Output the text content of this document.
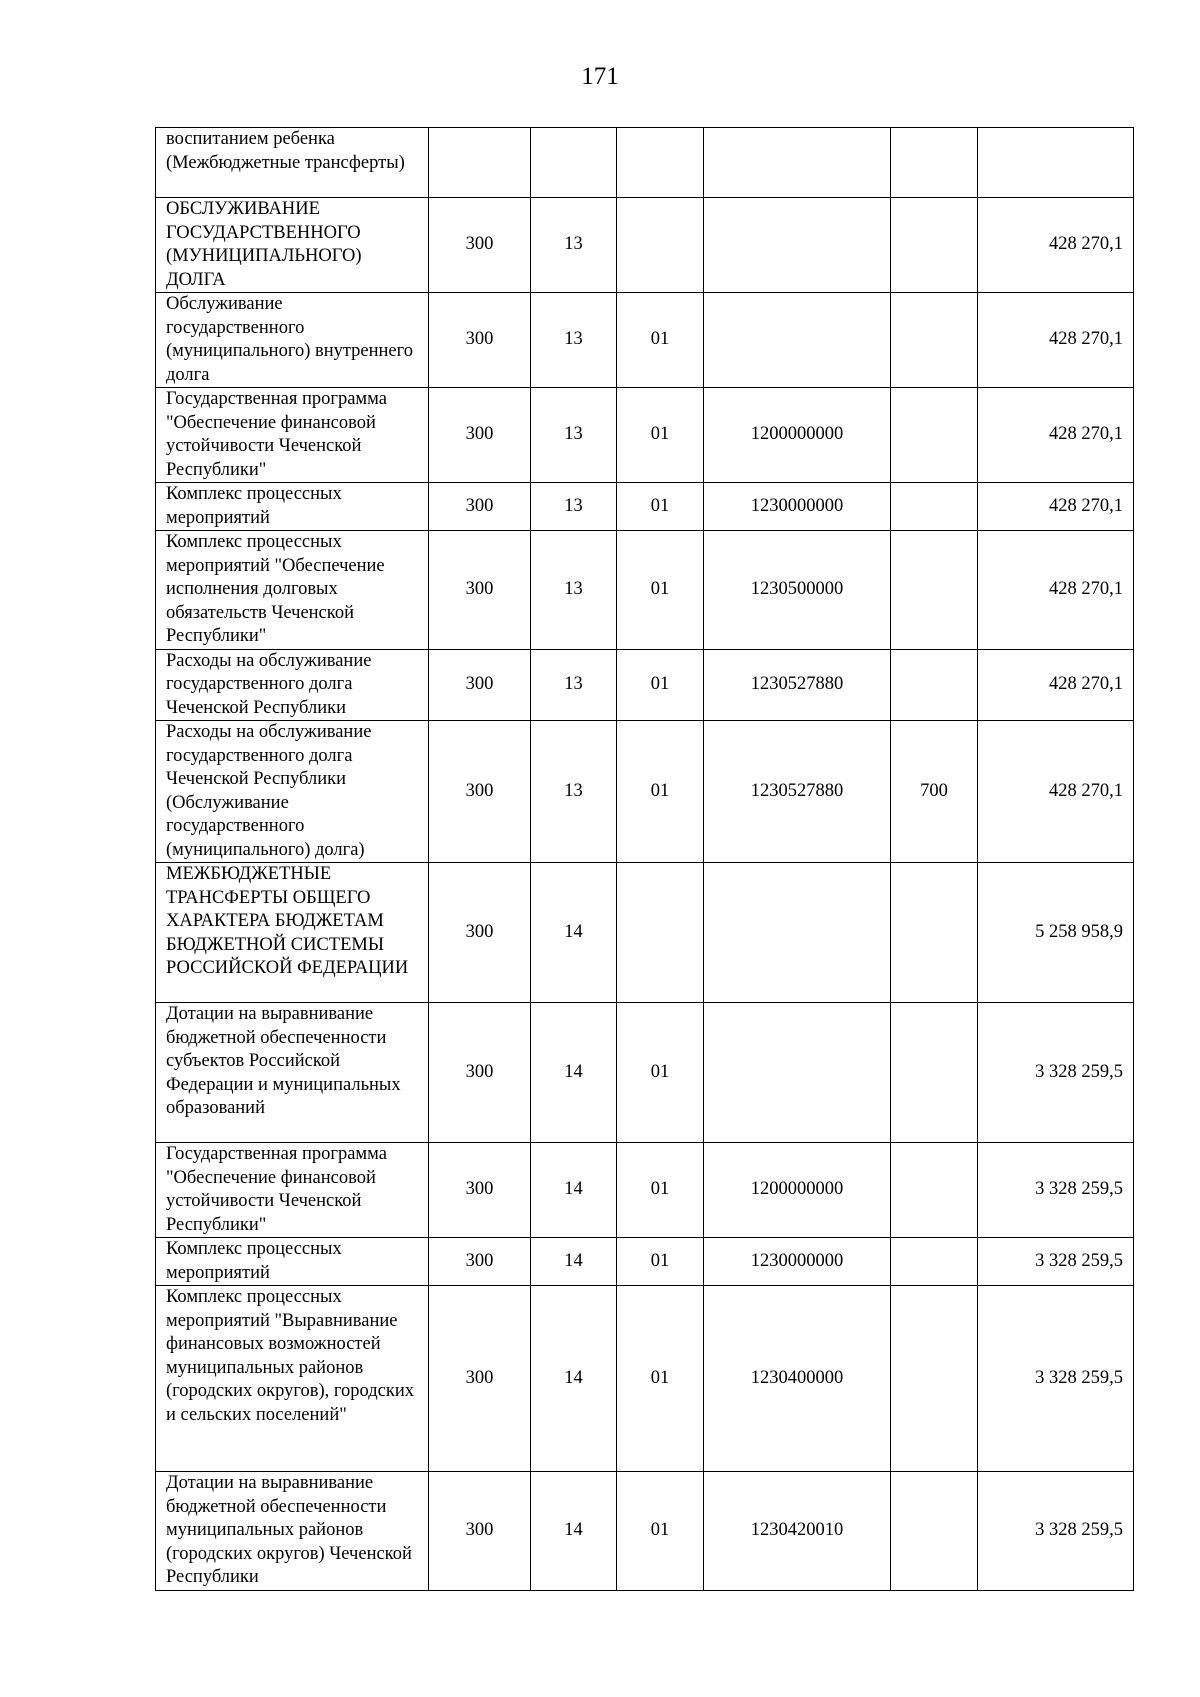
171
воспитанием ребенка (Межбюджетные трансферты)						
ОБСЛУЖИВАНИЕ ГОСУДАРСТВЕННОГО (МУНИЦИПАЛЬНОГО) ДОЛГА	300	13				428 270,1
Обслуживание государственного (муниципального) внутреннего долга	300	13	01			428 270,1
Государственная программа "Обеспечение финансовой устойчивости Чеченской Республики"	300	13	01	1200000000		428 270,1
Комплекс процессных мероприятий	300	13	01	1230000000		428 270,1
Комплекс процессных мероприятий "Обеспечение исполнения долговых обязательств Чеченской Республики"	300	13	01	1230500000		428 270,1
Расходы на обслуживание государственного долга Чеченской Республики	300	13	01	1230527880		428 270,1
Расходы на обслуживание государственного долга Чеченской Республики (Обслуживание государственного (муниципального) долга)	300	13	01	1230527880	700	428 270,1
МЕЖБЮДЖЕТНЫЕ ТРАНСФЕРТЫ ОБЩЕГО ХАРАКТЕРА БЮДЖЕТАМ БЮДЖЕТНОЙ СИСТЕМЫ РОССИЙСКОЙ ФЕДЕРАЦИИ	300	14				5 258 958,9
Дотации на выравнивание бюджетной обеспеченности субъектов Российской Федерации и муниципальных образований	300	14	01			3 328 259,5
Государственная программа "Обеспечение финансовой устойчивости Чеченской Республики"	300	14	01	1200000000		3 328 259,5
Комплекс процессных мероприятий	300	14	01	1230000000		3 328 259,5
Комплекс процессных мероприятий "Выравнивание финансовых возможностей муниципальных районов (городских округов), городских и сельских поселений"	300	14	01	1230400000		3 328 259,5
Дотации на выравнивание бюджетной обеспеченности муниципальных районов (городских округов) Чеченской Республики	300	14	01	1230420010		3 328 259,5
